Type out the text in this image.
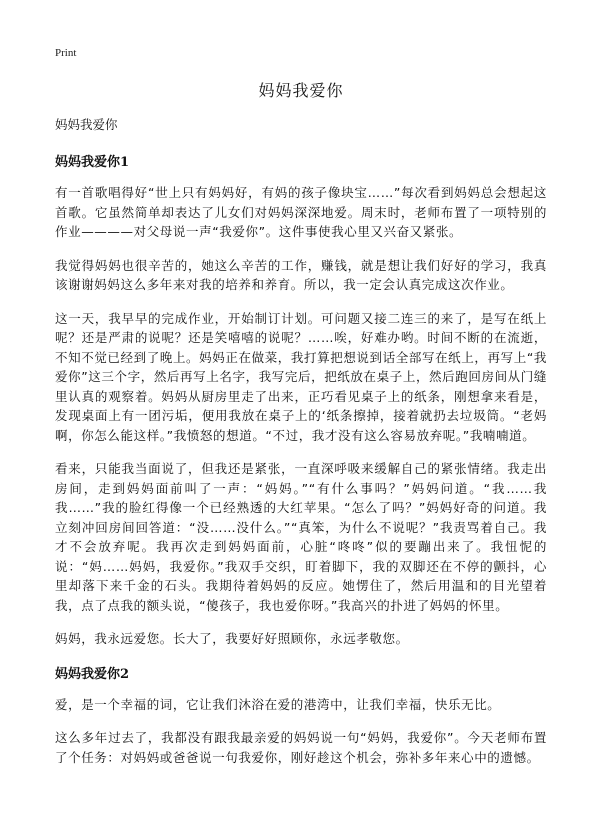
Print
妈妈我爱你
妈妈我爱你
妈妈我爱你1

有一首歌唱得好“世上只有妈妈好，有妈的孩子像块宝……”每次看到妈妈总会想起这首歌。它虽然简单却表达了儿女们对妈妈深深地爱。周末时，老师布置了一项特别的作业————对父母说一声“我爱你”。这件事使我心里又兴奋又紧张。

我觉得妈妈也很辛苦的，她这么辛苦的工作，赚钱，就是想让我们好好的学习，我真该谢谢妈妈这么多年来对我的培养和养育。所以，我一定会认真完成这次作业。

这一天，我早早的完成作业，开始制订计划。可问题又接二连三的来了，是写在纸上呢？还是严肃的说呢？还是笑嘻嘻的说呢？……唉，好难办哟。时间不断的在流逝，不知不觉已经到了晚上。妈妈正在做菜，我打算把想说到话全部写在纸上，再写上“我爱你”这三个字，然后再写上名字，我写完后，把纸放在桌子上，然后跑回房间从门缝里认真的观察着。妈妈从厨房里走了出来，正巧看见桌子上的纸条，刚想拿来看是，发现桌面上有一团污垢，便用我放在桌子上的‘纸条擦掉，接着就扔去垃圾筒。“老妈啊，你怎么能这样。”我愤怒的想道。“不过，我才没有这么容易放弃呢。”我喃喃道。

看来，只能我当面说了，但我还是紧张，一直深呼吸来缓解自己的紧张情绪。我走出房间，走到妈妈面前叫了一声：“妈妈。”“有什么事吗？”妈妈问道。“我……我我……”我的脸红得像一个已经熟透的大红苹果。“怎么了吗？”妈妈好奇的问道。我立刻冲回房间回答道：“没……没什么。”“真笨，为什么不说呢？”我责骂着自己。我才不会放弃呢。我再次走到妈妈面前，心脏“咚咚”似的要蹦出来了。我忸怩的说：“妈……妈妈，我爱你。”我双手交织，盯着脚下，我的双脚还在不停的颤抖，心里却落下来千金的石头。我期待着妈妈的反应。她愣住了，然后用温和的目光望着我，点了点我的额头说，“傻孩子，我也爱你呀。”我高兴的扑进了妈妈的怀里。

妈妈，我永远爱您。长大了，我要好好照顾你，永远孝敬您。

妈妈我爱你2

爱，是一个幸福的词，它让我们沐浴在爱的港湾中，让我们幸福，快乐无比。

这么多年过去了，我都没有跟我最亲爱的妈妈说一句“妈妈，我爱你”。今天老师布置了个任务：对妈妈或爸爸说一句我爱你，刚好趁这个机会，弥补多年来心中的遗憾。
